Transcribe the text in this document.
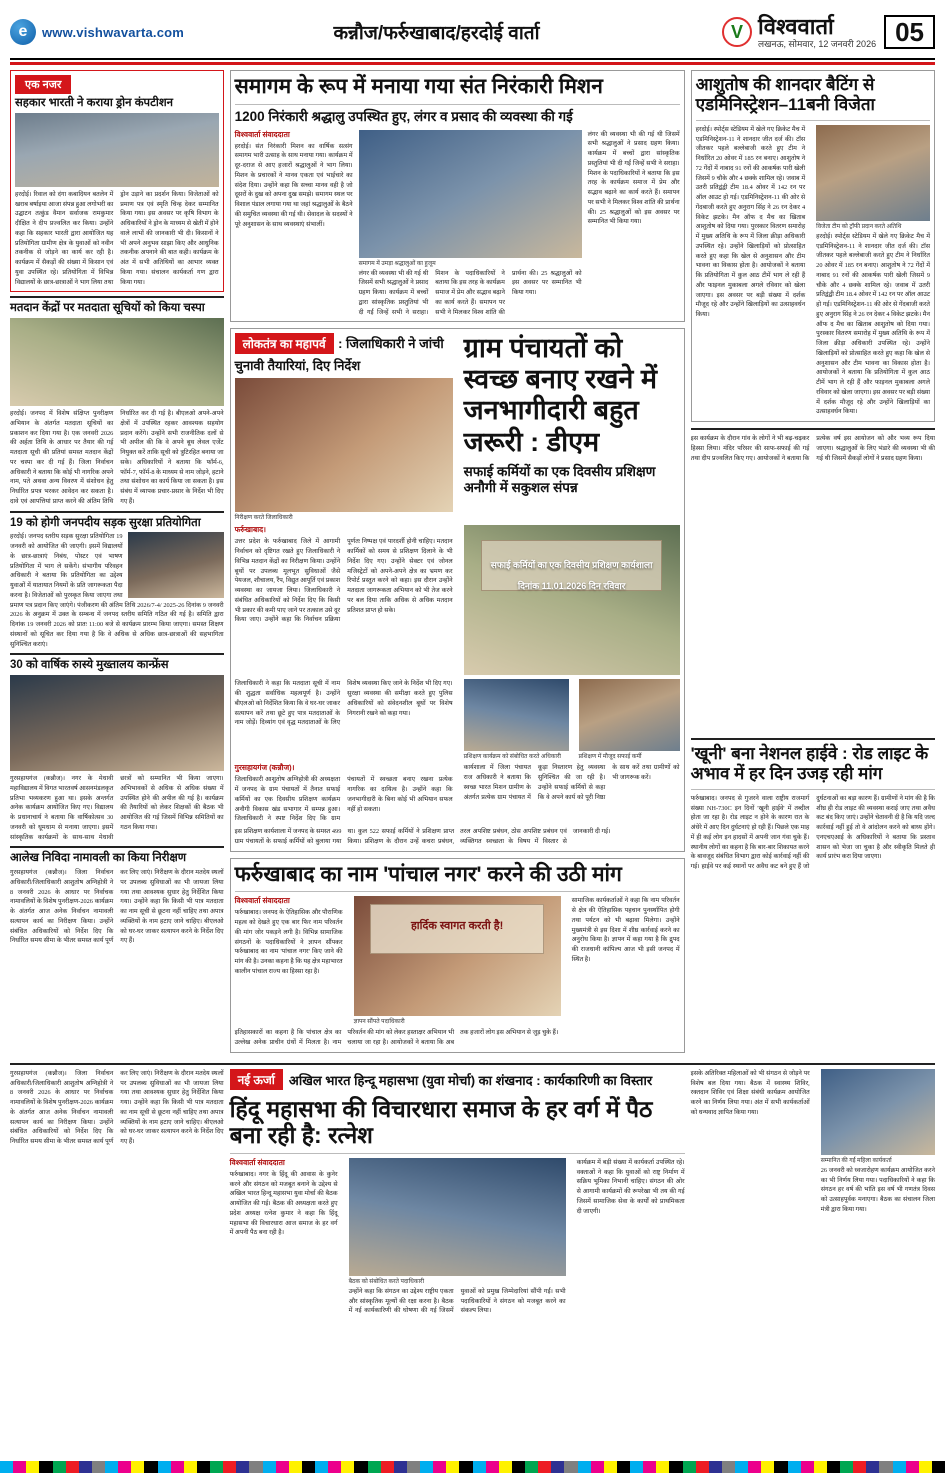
e	www.vishwavarta.com	कन्नौज/फर्रुखाबाद/हरदोई वार्ता	V विश्ववार्ता
लखनऊ, सोमवार, 12 जनवरी 2026 05
एक नजर
सहकार भारती ने कराया ड्रोन कंपटीशन
हरदोई। रिवाल को दंगा कबादियन बतलेन में खराब बर्षाइया आजा संपन्न हुआ लगोभरी का उद्घाटन तत्कुंड वैमान सर्वाजक रामकुमार दीक्षित ने दीप प्रज्वलित कर किया। उन्होंने कहा कि सहकार भारती द्वारा आयोजित यह प्रतियोगिता ग्रामीण क्षेत्र के युवाओं को नवीन तकनीक से जोड़ने का कार्य कर रही है। कार्यक्रम में सैकड़ों की संख्या में किसान एवं युवा उपस्थित रहे। प्रतियोगिता में विभिन्न विद्यालयों के छात्र-छात्राओं ने भाग लिया तथा ड्रोन उड़ाने का प्रदर्शन किया। विजेताओं को प्रमाण पत्र एवं स्मृति चिन्ह देकर सम्मानित किया गया। इस अवसर पर कृषि विभाग के अधिकारियों ने ड्रोन के माध्यम से खेती में होने वाले लाभों की जानकारी भी दी। किसानों ने भी अपने अनुभव साझा किए और आधुनिक तकनीक अपनाने की बात कही। कार्यक्रम के अंत में सभी अतिथियों का आभार व्यक्त किया गया। संचालन कार्यकर्ता गण द्वारा किया गया।
मतदान केंद्रों पर मतदाता सूचियों को किया चस्पा
हरदोई। जनपद में विशेष संक्षिप्त पुनरीक्षण अभियान के अंतर्गत मतदाता सूचियों का प्रकाशन कर दिया गया है। एक जनवरी 2026 की अर्हता तिथि के आधार पर तैयार की गई मतदाता सूची की प्रतियां समस्त मतदान केंद्रों पर चस्पा कर दी गई हैं। जिला निर्वाचन अधिकारी ने बताया कि कोई भी नागरिक अपने नाम, पते अथवा अन्य विवरण में संशोधन हेतु निर्धारित प्रपत्र भरकर आवेदन कर सकता है। दावे एवं आपत्तियां प्राप्त करने की अंतिम तिथि निर्धारित कर दी गई है। बीएलओ अपने-अपने क्षेत्रों में उपस्थित रहकर आवश्यक सहयोग प्रदान करेंगे। उन्होंने सभी राजनीतिक दलों से भी अपील की कि वे अपने बूथ लेवल एजेंट नियुक्त करें ताकि सूची को त्रुटिरहित बनाया जा सके। अधिकारियों ने बताया कि फॉर्म-6, फॉर्म-7, फॉर्म-8 के माध्यम से नाम जोड़ने, हटाने तथा संशोधन का कार्य किया जा सकता है। इस संबंध में व्यापक प्रचार-प्रसार के निर्देश भी दिए गए हैं।
19 को होगी जनपदीय सड़क सुरक्षा प्रतियोगिता
हरदोई। जनपद स्तरीय सड़क सुरक्षा प्रतियोगिता 19 जनवरी को आयोजित की जाएगी। इसमें विद्यालयों के छात्र-छात्राएं निबंध, पोस्टर एवं भाषण प्रतियोगिता में भाग ले सकेंगे। संभागीय परिवहन अधिकारी ने बताया कि प्रतियोगिता का उद्देश्य युवाओं में यातायात नियमों के प्रति जागरूकता पैदा करना है। विजेताओं को पुरस्कृत किया जाएगा तथा प्रमाण पत्र प्रदान किए जाएंगे। पंजीकरण की अंतिम तिथि 2026/7-4/ 2025-26 दिनांक 9 जनवरी 2026 के अनुक्रम में उक्त के सम्बन्ध में जनपद स्तरीय समिति गठित की गई है। समिति द्वारा दिनांक 19 जनवरी 2026 को प्रातः 11:00 बजे से कार्यक्रम प्रारम्भ किया जाएगा। समस्त शिक्षण संस्थानों को सूचित कर दिया गया है कि वे अधिक से अधिक छात्र-छात्राओं की सहभागिता सुनिश्चित कराएं।
30 को वार्षिक रुास्ये मुख्तालय कान्फ्रेंस
गुरसहायगंज (कन्नौज)। नगर के मेधावी महाविद्यालय में विगत भारतवर्ष आसनमंडलकृत प्रतिभा भव्यकरण हुआ था। इसके अन्तर्गत अनेक कार्यक्रम आयोजित किए गए। विद्यालय के प्रधानाचार्य ने बताया कि वार्षिकोत्सव 30 जनवरी को धूमधाम से मनाया जाएगा। इसमें सांस्कृतिक कार्यक्रमों के साथ-साथ मेधावी छात्रों को सम्मानित भी किया जाएगा। अभिभावकों से अधिक से अधिक संख्या में उपस्थित होने की अपील की गई है। कार्यक्रम की तैयारियों को लेकर शिक्षकों की बैठक भी आयोजित की गई जिसमें विभिन्न समितियों का गठन किया गया।
आलेख निविदा नामावली का किया निरीक्षण
गुरसहायगंज (कन्नौज)। जिला निर्वाचन अधिकारी/जिलाधिकारी आशुतोष अग्निहोत्री ने 8 जनवरी 2026 के आधार पर निर्वाचक नामावलियों के विशेष पुनरीक्षण-2026 कार्यक्रम के अंतर्गत आज अनेक निर्वाचन नामावली सत्यापन कार्य का निरीक्षण किया। उन्होंने संबंधित अधिकारियों को निर्देश दिए कि निर्धारित समय सीमा के भीतर समस्त कार्य पूर्ण कर लिए जाएं। निरीक्षण के दौरान मतदेय स्थलों पर उपलब्ध सुविधाओं का भी जायजा लिया गया तथा आवश्यक सुधार हेतु निर्देशित किया गया। उन्होंने कहा कि किसी भी पात्र मतदाता का नाम सूची से छूटना नहीं चाहिए तथा अपात्र व्यक्तियों के नाम हटाए जाने चाहिए। बीएलओ को घर-घर जाकर सत्यापन करने के निर्देश दिए गए हैं।
समागम के रूप में मनाया गया संत निरंकारी मिशन
1200 निरंकारी श्रद्धालु उपस्थित हुए, लंगर व प्रसाद की व्यवस्था की गई
विश्ववार्ता संवाददाता
हरदोई। संत निरंकारी मिशन का वार्षिक सत्संग समागम भारी उत्साह के साथ मनाया गया। कार्यक्रम में दूर-दराज से आए हजारों श्रद्धालुओं ने भाग लिया। मिशन के प्रचारकों ने मानव एकता एवं भाईचारे का संदेश दिया। उन्होंने कहा कि सच्चा मानव वही है जो दूसरों के दुख को अपना दुख समझे। समागम स्थल पर विशाल पंडाल लगाया गया था जहां श्रद्धालुओं के बैठने की समुचित व्यवस्था की गई थी। सेवादल के सदस्यों ने पूरे अनुशासन के साथ व्यवस्थाएं संभालीं।
समागम में उमड़ा श्रद्धालुओं का हुजूम
लंगर की व्यवस्था भी की गई थी जिसमें सभी श्रद्धालुओं ने प्रसाद ग्रहण किया। कार्यक्रम में बच्चों द्वारा सांस्कृतिक प्रस्तुतियां भी दी गईं जिन्हें सभी ने सराहा। मिशन के पदाधिकारियों ने बताया कि इस तरह के कार्यक्रम समाज में प्रेम और सद्भाव बढ़ाने का कार्य करते हैं। समापन पर सभी ने मिलकर विश्व शांति की प्रार्थना की। 25 श्रद्धालुओं को इस अवसर पर सम्मानित भी किया गया।
लंगर की व्यवस्था भी की गई थी जिसमें सभी श्रद्धालुओं ने प्रसाद ग्रहण किया। कार्यक्रम में बच्चों द्वारा सांस्कृतिक प्रस्तुतियां भी दी गईं जिन्हें सभी ने सराहा। मिशन के पदाधिकारियों ने बताया कि इस तरह के कार्यक्रम समाज में प्रेम और सद्भाव बढ़ाने का कार्य करते हैं। समापन पर सभी ने मिलकर विश्व शांति की प्रार्थना की। 25 श्रद्धालुओं को इस अवसर पर सम्मानित भी किया गया।
लोकतंत्र का महापर्व : जिलाधिकारी ने जांची चुनावी तैयारियां, दिए निर्देश
निरीक्षण करते जिलाधिकारी
ग्राम पंचायतों को स्वच्छ बनाए रखने में जनभागीदारी बहुत जरूरी : डीएम
सफाई कर्मियों का एक दिवसीय प्रशिक्षण अनौगी में सकुशल संपन्न
फर्रुखाबाद।
उत्तर प्रदेश के फर्रुखाबाद जिले में आगामी निर्वाचन को दृष्टिगत रखते हुए जिलाधिकारी ने विभिन्न मतदान केंद्रों का निरीक्षण किया। उन्होंने बूथों पर उपलब्ध मूलभूत सुविधाओं जैसे पेयजल, शौचालय, रैंप, विद्युत आपूर्ति एवं प्रकाश व्यवस्था का जायजा लिया। जिलाधिकारी ने संबंधित अधिकारियों को निर्देश दिए कि किसी भी प्रकार की कमी पाए जाने पर तत्काल उसे दूर किया जाए। उन्होंने कहा कि निर्वाचन प्रक्रिया पूर्णतः निष्पक्ष एवं पारदर्शी होनी चाहिए। मतदान कार्मिकों को समय से प्रशिक्षण दिलाने के भी निर्देश दिए गए। उन्होंने सेक्टर एवं जोनल मजिस्ट्रेटों को अपने-अपने क्षेत्र का भ्रमण कर रिपोर्ट प्रस्तुत करने को कहा। इस दौरान उन्होंने मतदाता जागरूकता अभियान को भी तेज करने पर बल दिया ताकि अधिक से अधिक मतदान प्रतिशत प्राप्त हो सके।
सफाई कर्मियों का एक दिवसीय प्रशिक्षण कार्यशाला
दिनांक 11.01.2026 दिन रविवार
जिलाधिकारी ने कहा कि मतदाता सूची में नाम की शुद्धता सर्वाधिक महत्वपूर्ण है। उन्होंने बीएलओ को निर्देशित किया कि वे घर-घर जाकर सत्यापन करें तथा छूटे हुए पात्र मतदाताओं के नाम जोड़ें। दिव्यांग एवं वृद्ध मतदाताओं के लिए विशेष व्यवस्था किए जाने के निर्देश भी दिए गए। सुरक्षा व्यवस्था की समीक्षा करते हुए पुलिस अधिकारियों को संवेदनशील बूथों पर विशेष निगरानी रखने को कहा गया।
प्रशिक्षण कार्यक्रम को संबोधित करते अधिकारी	प्रशिक्षण में मौजूद सफाई कर्मी
गुरसहायगंज (कन्नौज)।
जिलाधिकारी आशुतोष अग्निहोत्री की अध्यक्षता में जनपद के ग्राम पंचायतों में तैनात सफाई कर्मियों का एक दिवसीय प्रशिक्षण कार्यक्रम अनौगी विकास खंड सभागार में सम्पन्न हुआ। जिलाधिकारी ने स्पष्ट निर्देश दिए कि ग्राम पंचायतों में स्वच्छता बनाए रखना प्रत्येक नागरिक का दायित्व है। उन्होंने कहा कि जनभागीदारी के बिना कोई भी अभियान सफल नहीं हो सकता।
कार्यशाला में जिला पंचायत राज अधिकारी ने बताया कि स्वच्छ भारत मिशन ग्रामीण के अंतर्गत प्रत्येक ग्राम पंचायत में कूड़ा निस्तारण हेतु व्यवस्था सुनिश्चित की जा रही है। उन्होंने सफाई कर्मियों से कहा कि वे अपने कार्य को पूरी निष्ठा के साथ करें तथा ग्रामीणों को भी जागरूक करें।
इस प्रशिक्षण कार्यशाला में जनपद के समस्त 499 ग्राम पंचायतों के सफाई कर्मियों को बुलाया गया था। कुल 522 सफाई कर्मियों ने प्रशिक्षण प्राप्त किया। प्रशिक्षण के दौरान उन्हें कचरा प्रबंधन, तरल अपशिष्ट प्रबंधन, ठोस अपशिष्ट प्रबंधन एवं व्यक्तिगत स्वच्छता के विषय में विस्तार से जानकारी दी गई।
फर्रुखाबाद का नाम 'पांचाल नगर' करने की उठी मांग
विश्ववार्ता संवाददाता
फर्रुखाबाद। जनपद के ऐतिहासिक और पौराणिक महत्व को देखते हुए एक बार फिर नाम परिवर्तन की मांग जोर पकड़ने लगी है। विभिन्न सामाजिक संगठनों के पदाधिकारियों ने ज्ञापन सौंपकर फर्रुखाबाद का नाम 'पांचाल नगर' किए जाने की मांग की है। उनका कहना है कि यह क्षेत्र महाभारत कालीन पांचाल राज्य का हिस्सा रहा है।
हार्दिक स्वागत करती है!
ज्ञापन सौंपते पदाधिकारी
सामाजिक कार्यकर्ताओं ने कहा कि नाम परिवर्तन से क्षेत्र की ऐतिहासिक पहचान पुनर्स्थापित होगी तथा पर्यटन को भी बढ़ावा मिलेगा। उन्होंने मुख्यमंत्री से इस दिशा में शीघ्र कार्रवाई करने का अनुरोध किया है। ज्ञापन में कहा गया है कि द्रुपद की राजधानी कांपिल्य आज भी इसी जनपद में स्थित है।
इतिहासकारों का कहना है कि पांचाल क्षेत्र का उल्लेख अनेक प्राचीन ग्रंथों में मिलता है। नाम परिवर्तन की मांग को लेकर हस्ताक्षर अभियान भी चलाया जा रहा है। आयोजकों ने बताया कि अब तक हजारों लोग इस अभियान से जुड़ चुके हैं।
आशुतोष की शानदार बैटिंग से एडमिनिस्ट्रेशन–11बनी विजेता
हरदोई। स्पोर्ट्स स्टेडियम में खेले गए क्रिकेट मैच में एडमिनिस्ट्रेशन-11 ने शानदार जीत दर्ज की। टॉस जीतकर पहले बल्लेबाजी करते हुए टीम ने निर्धारित 20 ओवर में 185 रन बनाए। आशुतोष ने 72 गेंदों में नाबाद 91 रनों की आकर्षक पारी खेली जिसमें 9 चौके और 4 छक्के शामिल रहे। जवाब में उतरी प्रतिद्वंद्वी टीम 18.4 ओवर में 142 रन पर ऑल आउट हो गई। एडमिनिस्ट्रेशन-11 की ओर से गेंदबाजी करते हुए अनुराग सिंह ने 26 रन देकर 4 विकेट झटके। मैन ऑफ द मैच का खिताब आशुतोष को दिया गया। पुरस्कार वितरण समारोह में मुख्य अतिथि के रूप में जिला क्रीड़ा अधिकारी उपस्थित रहे। उन्होंने खिलाड़ियों को प्रोत्साहित करते हुए कहा कि खेल से अनुशासन और टीम भावना का विकास होता है। आयोजकों ने बताया कि प्रतियोगिता में कुल आठ टीमें भाग ले रही हैं और फाइनल मुकाबला अगले रविवार को खेला जाएगा। इस अवसर पर बड़ी संख्या में दर्शक मौजूद रहे और उन्होंने खिलाड़ियों का उत्साहवर्धन किया।
विजेता टीम को ट्रॉफी प्रदान करते अतिथि
हरदोई। स्पोर्ट्स स्टेडियम में खेले गए क्रिकेट मैच में एडमिनिस्ट्रेशन-11 ने शानदार जीत दर्ज की। टॉस जीतकर पहले बल्लेबाजी करते हुए टीम ने निर्धारित 20 ओवर में 185 रन बनाए। आशुतोष ने 72 गेंदों में नाबाद 91 रनों की आकर्षक पारी खेली जिसमें 9 चौके और 4 छक्के शामिल रहे। जवाब में उतरी प्रतिद्वंद्वी टीम 18.4 ओवर में 142 रन पर ऑल आउट हो गई। एडमिनिस्ट्रेशन-11 की ओर से गेंदबाजी करते हुए अनुराग सिंह ने 26 रन देकर 4 विकेट झटके। मैन ऑफ द मैच का खिताब आशुतोष को दिया गया। पुरस्कार वितरण समारोह में मुख्य अतिथि के रूप में जिला क्रीड़ा अधिकारी उपस्थित रहे। उन्होंने खिलाड़ियों को प्रोत्साहित करते हुए कहा कि खेल से अनुशासन और टीम भावना का विकास होता है। आयोजकों ने बताया कि प्रतियोगिता में कुल आठ टीमें भाग ले रही हैं और फाइनल मुकाबला अगले रविवार को खेला जाएगा। इस अवसर पर बड़ी संख्या में दर्शक मौजूद रहे और उन्होंने खिलाड़ियों का उत्साहवर्धन किया।
इस कार्यक्रम के दौरान गांव के लोगों ने भी बढ़-चढ़कर हिस्सा लिया। मंदिर परिसर की साफ-सफाई की गई तथा दीप प्रज्वलित किए गए। आयोजकों ने बताया कि प्रत्येक वर्ष इस आयोजन को और भव्य रूप दिया जाएगा। श्रद्धालुओं के लिए भंडारे की व्यवस्था भी की गई थी जिसमें सैकड़ों लोगों ने प्रसाद ग्रहण किया।
'खूनी' बना नेशनल हाईवे : रोड लाइट के अभाव में हर दिन उजड़ रही मांग
फर्रुखाबाद। जनपद से गुजरने वाला राष्ट्रीय राजमार्ग संख्या NH-730C इन दिनों 'खूनी हाईवे' में तब्दील होता जा रहा है। रोड लाइट न होने के कारण रात के अंधेरे में आए दिन दुर्घटनाएं हो रही हैं। पिछले एक माह में ही कई लोग इन हादसों में अपनी जान गंवा चुके हैं। स्थानीय लोगों का कहना है कि बार-बार शिकायत करने के बावजूद संबंधित विभाग द्वारा कोई कार्रवाई नहीं की गई। हाईवे पर कई स्थानों पर अवैध कट बने हुए हैं जो दुर्घटनाओं का बड़ा कारण हैं। ग्रामीणों ने मांग की है कि शीघ्र ही रोड लाइट की व्यवस्था कराई जाए तथा अवैध कट बंद किए जाएं। उन्होंने चेतावनी दी है कि यदि जल्द कार्रवाई नहीं हुई तो वे आंदोलन करने को बाध्य होंगे। एनएचएआई के अधिकारियों ने बताया कि प्रस्ताव शासन को भेजा जा चुका है और स्वीकृति मिलते ही कार्य प्रारंभ करा दिया जाएगा।
गुरसहायगंज (कन्नौज)। जिला निर्वाचन अधिकारी/जिलाधिकारी आशुतोष अग्निहोत्री ने 8 जनवरी 2026 के आधार पर निर्वाचक नामावलियों के विशेष पुनरीक्षण-2026 कार्यक्रम के अंतर्गत आज अनेक निर्वाचन नामावली सत्यापन कार्य का निरीक्षण किया। उन्होंने संबंधित अधिकारियों को निर्देश दिए कि निर्धारित समय सीमा के भीतर समस्त कार्य पूर्ण कर लिए जाएं। निरीक्षण के दौरान मतदेय स्थलों पर उपलब्ध सुविधाओं का भी जायजा लिया गया तथा आवश्यक सुधार हेतु निर्देशित किया गया। उन्होंने कहा कि किसी भी पात्र मतदाता का नाम सूची से छूटना नहीं चाहिए तथा अपात्र व्यक्तियों के नाम हटाए जाने चाहिए। बीएलओ को घर-घर जाकर सत्यापन करने के निर्देश दिए गए हैं।
नई ऊर्जा	अखिल भारत हिन्दू महासभा (युवा मोर्चा) का शंखनाद : कार्यकारिणी का विस्तार
हिंदू महासभा की विचारधारा समाज के हर वर्ग में पैठ बना रही है: रत्नेश
विश्ववार्ता संवाददाता
फर्रुखाबाद। नगर के हिंदू की आवास के कुनेर करने और संगठन को मजबूत बनाने के उद्देश्य से अखिल भारत हिन्दू महासभा युवा मोर्चा की बैठक आयोजित की गई। बैठक की अध्यक्षता करते हुए प्रदेश अध्यक्ष रत्नेश कुमार ने कहा कि हिंदू महासभा की विचारधारा आज समाज के हर वर्ग में अपनी पैठ बना रही है।
बैठक को संबोधित करते पदाधिकारी
उन्होंने कहा कि संगठन का उद्देश्य राष्ट्रीय एकता और सांस्कृतिक मूल्यों की रक्षा करना है। बैठक में नई कार्यकारिणी की घोषणा की गई जिसमें युवाओं को प्रमुख जिम्मेदारियां सौंपी गईं। सभी पदाधिकारियों ने संगठन को मजबूत करने का संकल्प लिया।
कार्यक्रम में बड़ी संख्या में कार्यकर्ता उपस्थित रहे। वक्ताओं ने कहा कि युवाओं को राष्ट्र निर्माण में सक्रिय भूमिका निभानी चाहिए। संगठन की ओर से आगामी कार्यक्रमों की रूपरेखा भी तय की गई जिसमें सामाजिक सेवा के कार्यों को प्राथमिकता दी जाएगी।
इसके अतिरिक्त महिलाओं को भी संगठन से जोड़ने पर विशेष बल दिया गया। बैठक में स्वास्थ्य शिविर, रक्तदान शिविर एवं शिक्षा संबंधी कार्यक्रम आयोजित करने का निर्णय लिया गया। अंत में सभी कार्यकर्ताओं को धन्यवाद ज्ञापित किया गया।
सम्मानित की गईं महिला कार्यकर्ता
26 जनवरी को ध्वजारोहण कार्यक्रम आयोजित करने का भी निर्णय लिया गया। पदाधिकारियों ने कहा कि संगठन हर वर्ष की भांति इस वर्ष भी गणतंत्र दिवस को उत्साहपूर्वक मनाएगा। बैठक का संचालन जिला मंत्री द्वारा किया गया।
